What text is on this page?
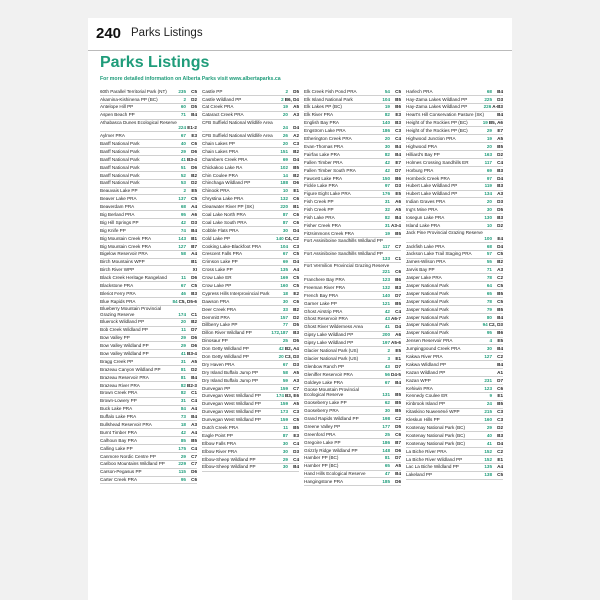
240 Parks Listings
Parks Listings
For more detailed information on Alberta Parks visit www.albertaparks.ca
60th Parallel Territorial Park (NT)	235	C5
Akamina-Kishinena PP (BC)	2	D2
Antelope Hill PP	60	D5
Aspen Beach PP	71	B4
Athabasca Dunes Ecological Reserve
224 E1-2
Aylmer PRA	67	E3
Banff National Park	40	C6
Banff National Park	29	D6
Banff National Park	41 B3-4
Banff National Park	51	D6
Banff National Park	52	B2
Banff National Park	53	D2
Beauvais Lake PP	2	E5
Beaver Lake PRA	137	C5
Beaverdam PRA	68	A4
Big Berland PRA	95	A6
Big Hill Springs PP	42	D3
Big Knife PP	74	B4
Big Mountain Creek PRA	143	B1
Big Mountain Creek PRA	127	B7
Bigelow Reservoir PRA	58	A4
Birch Mountains WPP	B1
Birch River WPP	XI
Black Creek Heritage Rangeland	11	D6
Blackstone PRA	67	C5
Bleriot Ferry PRA	46	B3
Blue Rapids PRA	84 C5, D5-6
Blueberry Mountain Provincial
Grazing Reserve	174	C1
Bluerock Wildland PP	20	B2
Bob Creek Wildland PP	11	D7
Bow Valley PP	29	D6
Bow Valley Wildland PP	29	D6
Bow Valley Wildland PP	41 B3-4
Bragg Creek PP	31	A5
Brazeau Canyon Wildland PP	81	D2
Brazeau Reservoir PRA	81	B4
Brazeau River PRA	82 B2-3
Brown Creek PRA	82	C1
Brown-Lowery PP	31	C4
Buck Lake PRA	84	A4
Buffalo Lake PRA	73	B4
Bullshead Reservoir PRA	18	A3
Burnt Timber PRA	42	A4
Calhoun Bay PRA	85	B5
Calling Lake PP	175	C4
Canmore Nordic Centre PP	29	C7
Cariboo Mountains Wildland PP	229	C7
Carson-Pegasus PP	115	D6
Carter Creek PRA	95	C6
Castle PP	2	D5
Castle Wildland PP	2 B6, D4
Cat Creek PRA	19	A5
Cataract Creek PRA	20	A3
CFB Suffield National Wildlife Area
24	D4
CFB Suffield National Wildlife Area	26	A2
Chain Lakes PP	20	C3
Chain Lakes PRA	151	B2
Chambers Creek PRA	69	D4
Chickakoo Lake RA	102	B5
Chin Coulee PRA	14	B2
Chinchaga Wildland PP	188	D6
Chinook PRA	10	E1
Chrystina Lake PRA	132	C6
Clearwater River PP (SK)	220	B1
Coal Lake North PRA	87	C6
Coal Lake South PRA	87	C6
Cobble Flats PRA	30	D4
Cold Lake PP	140 C4, C2
Cooking Lake-Blackfoot PRA	104	C3
Crescent Falls PRA	67	C5
Crimson Lake PP	69	D4
Cross Lake PP	135	A4
Crow Lake ER	169	C5
Crow Lake PP	160	C5
Cypress Hills Interprovincial Park	18	E2
Dawson PRA	30	C6
Deer Creek PRA	33	B2
Demmitt PRA	157	D2
Dillberry Lake PP	77	D5
Dillon River Wildland PP	172,187	B3
Dinosaur PP	25	D5
Don Getty Wildland PP	42 B2, A4
Don Getty Wildland PP	20 C3, D3
Dry Haven PRA	67	D3
Dry Island Buffalo Jump PP	58	A5
Dry Island Buffalo Jump PP	59	A3
Dunvegan PP	159	C7
Dunvegan West Wildland PP	174 B3, E6
Dunvegan West Wildland PP	159	A5
Dunvegan West Wildland PP	173	C3
Dunvegan West Wildland PP	159	C5
Dutch Creek PRA	11	B5
Eagle Point PP	87	E3
Elbow Falls PRA	30	C4
Elbow River PRA	30	D3
Elbow-Sheep Wildland PP	29	C4
Elbow-Sheep Wildland PP	30	B4
Elk Creek Fish Pond PRA	54	C5
Elk Island National Park	104	B5
Elk Lakes PP (BC)	19	B6
Elk River PRA	82	E3
English Bay PRA	140	B3
Engstrom Lake PRA	186	C3
Etherington Creek PRA	20	C4
Evan-Thomas PRA	30	B4
Fairfax Lake PRA	82	B4
Fallen Timber PRA	42	E7
Fallen Timber South PRA	42	D7
Fawcett Lake PRA	150	B6
Fickle Lake PRA	97	D3
Figure Eight Lake PRA	176	E5
Fish Creek PP	31	A6
Fish Creek PP	32	A5
Fish Lake PRA	82	B4
Fisher Creek PRA	31 A3-4
Fitzsimmons Creek PRA	19	B5
Fort Assiniboine Sandhills Wildland PP
117	C7
Fort Assiniboine Sandhills Wildland PP
133	C1
Fort Vermilion Provincial Grazing Reserve
221	C6
Franchere Bay PRA	123	B6
Freeman River PRA	132	B3
French Bay PRA	140	D7
Garner Lake PP	121	B5
Ghost Airstrip PRA	42	C4
Ghost Reservoir PRA	43 A6-7
Ghost River Wilderness Area	41	D4
Gipsy Lake Wildland PP	200	A6
Gipsy Lake Wildland PP	197 A5-6
Glacier National Park (US)	2	E5
Glacier National Park (US)	3	E1
Glenbow Ranch PP	43	D7
Gleniffer Reservoir PRA	56 D4-5
Goldeye Lake PRA	67	B4
Goose Mountain Provincial
Ecological Reserve	131	B5
Gooseberry Lake PP	62	B5
Gooseberry PRA	30	B5
Grand Rapids Wildland PP	198	C2
Greene Valley PP	177	D5
Greenford PRA	25	C6
Gregoire Lake PP	186	B7
Grizzly Ridge Wildland PP	148	D6
Hamber PP (BC)	81	D7
Hamber PP (BC)	65	A5
Hand Hills Ecological Reserve	47	B4
Hangingstone PRA	185	D6
Harlech PRA	68	B4
Hay-Zama Lakes Wildland PP	225	D3
Hay-Zama Lakes Wildland PP	226 A-B3
Heart's Hill Conservation Pasture (SK)	B4
Height of the Rockies PP (BC)	19 B5, A6
Height of the Rockies PP (BC)	29	E7
Highwood Junction PRA	19	A5
Highwood PRA	20	B5
Hilliard's Bay PP	163	D2
Holmes Crossing Sandhills ER	117	C4
Horburg PRA	69	B3
Hornbeck Creek PRA	97	D4
Hubert Lake Wildland PP	119	B3
Hubert Lake Wildland PP	134	A3
Indian Graves PRA	20	D3
Ing's Mine PRA	30	D5
Iosegun Lake PRA	130	B3
Island Lake PRA	10	D2
Jack Pine Provincial Grazing Reserve
100	E4
Jackfish Lake PRA	68	D4
Jackson Lake Trail Staging PRA	57	C5
James-Wilson PRA	55	B2
Jarvis Bay PP	71	A3
Jasper Lake PRA	78	C2
Jasper National Park	64	C5
Jasper National Park	65	B5
Jasper National Park	78	C5
Jasper National Park	79	B5
Jasper National Park	80	B4
Jasper National Park	94 C2, D3
Jasper National Park	95	B6
Jensen Reservoir PRA	4	E5
Jumpingpound Creek PRA	30	B4
Kakwa River PRA	127	C2
Kakwa Wildland PP	B4
Kazan Wildland PP	A1
Kazan WPP	231	D7
Kehiwin PRA	123	C6
Kennedy Coulee ER	9	E1
Kinbrook Island PP	24	B5
Kitaskino Nuwenëné WPP	215	C3
Kleskun Hills PP	160	C3
Kootenay National Park (BC)	29	D2
Kootenay National Park (BC)	40	B3
Kootenay National Park (BC)	41	D4
La Biche River PRA	152	C2
La Biche River Wildland PP	152	E1
Lac La Biche Wildland PP	135	A4
Lakeland PP	138	C5
